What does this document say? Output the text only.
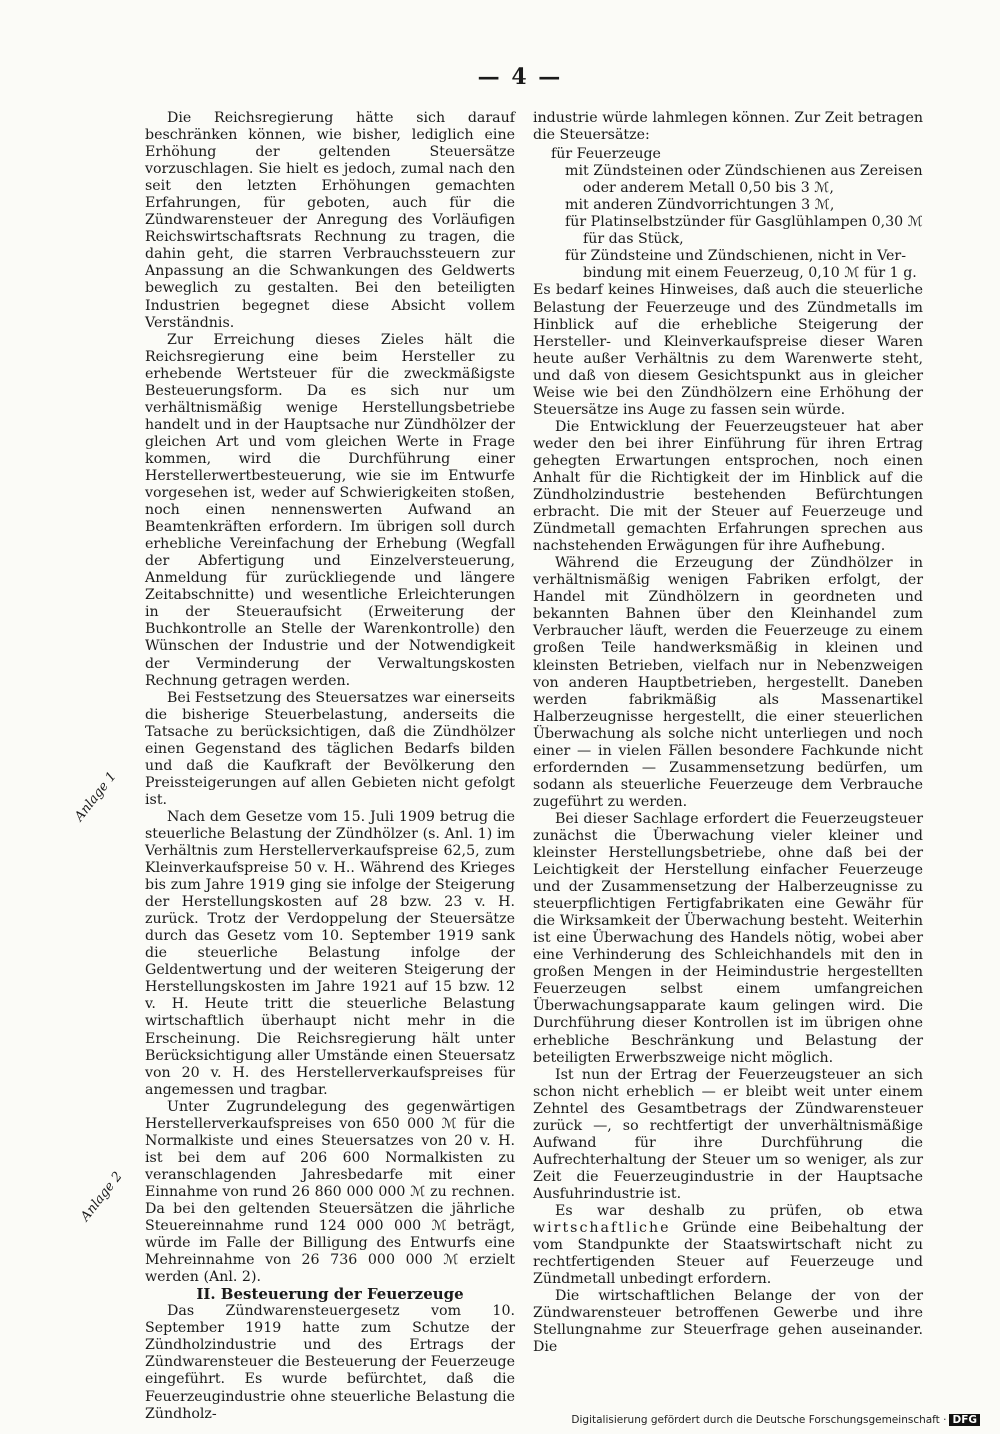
— 4 —
Anlage 1
Anlage 2

Die Reichsregierung hätte sich darauf beschränken können, wie bisher, lediglich eine Erhöhung der geltenden Steuersätze vorzuschlagen. Sie hielt es jedoch, zumal nach den seit den letzten Erhöhungen gemachten Erfahrungen, für geboten, auch für die Zündwarensteuer der Anregung des Vorläufigen Reichswirtschaftsrats Rechnung zu tragen, die dahin geht, die starren Verbrauchssteuern zur Anpassung an die Schwankungen des Geldwerts beweglich zu gestalten. Bei den beteiligten Industrien begegnet diese Absicht vollem Verständnis.

Zur Erreichung dieses Zieles hält die Reichsregierung eine beim Hersteller zu erhebende Wertsteuer für die zweckmäßigste Besteuerungsform. Da es sich nur um verhältnismäßig wenige Herstellungsbetriebe handelt und in der Hauptsache nur Zündhölzer der gleichen Art und vom gleichen Werte in Frage kommen, wird die Durchführung einer Herstellerwertbesteuerung, wie sie im Entwurfe vorgesehen ist, weder auf Schwierigkeiten stoßen, noch einen nennenswerten Aufwand an Beamtenkräften erfordern. Im übrigen soll durch erhebliche Vereinfachung der Erhebung (Wegfall der Abfertigung und Einzelversteuerung, Anmeldung für zurückliegende und längere Zeitabschnitte) und wesentliche Erleichterungen in der Steueraufsicht (Erweiterung der Buchkontrolle an Stelle der Warenkontrolle) den Wünschen der Industrie und der Notwendigkeit der Verminderung der Verwaltungskosten Rechnung getragen werden.

Bei Festsetzung des Steuersatzes war einerseits die bisherige Steuerbelastung, anderseits die Tatsache zu berücksichtigen, daß die Zündhölzer einen Gegenstand des täglichen Bedarfs bilden und daß die Kaufkraft der Bevölkerung den Preissteigerungen auf allen Gebieten nicht gefolgt ist.

Nach dem Gesetze vom 15. Juli 1909 betrug die steuerliche Belastung der Zündhölzer (s. Anl. 1) im Verhältnis zum Herstellerverkaufspreise 62,5, zum Kleinverkaufspreise 50 v. H.. Während des Krieges bis zum Jahre 1919 ging sie infolge der Steigerung der Herstellungskosten auf 28 bzw. 23 v. H. zurück. Trotz der Verdoppelung der Steuersätze durch das Gesetz vom 10. September 1919 sank die steuerliche Belastung infolge der Geldentwertung und der weiteren Steigerung der Herstellungskosten im Jahre 1921 auf 15 bzw. 12 v. H. Heute tritt die steuerliche Belastung wirtschaftlich überhaupt nicht mehr in die Erscheinung. Die Reichsregierung hält unter Berücksichtigung aller Umstände einen Steuersatz von 20 v. H. des Herstellerverkaufspreises für angemessen und tragbar.

Unter Zugrundelegung des gegenwärtigen Herstellerverkaufspreises von 650 000 ℳ für die Normalkiste und eines Steuersatzes von 20 v. H. ist bei dem auf 206 600 Normalkisten zu veranschlagenden Jahresbedarfe mit einer Einnahme von rund 26 860 000 000 ℳ zu rechnen. Da bei den geltenden Steuersätzen die jährliche Steuereinnahme rund 124 000 000 ℳ beträgt, würde im Falle der Billigung des Entwurfs eine Mehreinnahme von 26 736 000 000 ℳ erzielt werden (Anl. 2).

II. Besteuerung der Feuerzeuge

Das Zündwarensteuergesetz vom 10. September 1919 hatte zum Schutze der Zündholzindustrie und des Ertrags der Zündwarensteuer die Besteuerung der Feuerzeuge eingeführt. Es wurde befürchtet, daß die Feuerzeugindustrie ohne steuerliche Belastung die Zündholz-

industrie würde lahmlegen können. Zur Zeit betragen die Steuersätze:

für Feuerzeuge
mit Zündsteinen oder Zündschienen aus Zereisen
oder anderem Metall 0,50 bis 3 ℳ,
mit anderen Zündvorrichtungen 3 ℳ,
für Platinselbstzünder für Gasglühlampen 0,30 ℳ
für das Stück,
für Zündsteine und Zündschienen, nicht in Ver-
bindung mit einem Feuerzeug, 0,10 ℳ für 1 g.

Es bedarf keines Hinweises, daß auch die steuerliche Belastung der Feuerzeuge und des Zündmetalls im Hinblick auf die erhebliche Steigerung der Hersteller- und Kleinverkaufspreise dieser Waren heute außer Verhältnis zu dem Warenwerte steht, und daß von diesem Gesichtspunkt aus in gleicher Weise wie bei den Zündhölzern eine Erhöhung der Steuersätze ins Auge zu fassen sein würde.

Die Entwicklung der Feuerzeugsteuer hat aber weder den bei ihrer Einführung für ihren Ertrag gehegten Erwartungen entsprochen, noch einen Anhalt für die Richtigkeit der im Hinblick auf die Zündholzindustrie bestehenden Befürchtungen erbracht. Die mit der Steuer auf Feuerzeuge und Zündmetall gemachten Erfahrungen sprechen aus nachstehenden Erwägungen für ihre Aufhebung.

Während die Erzeugung der Zündhölzer in verhältnismäßig wenigen Fabriken erfolgt, der Handel mit Zündhölzern in geordneten und bekannten Bahnen über den Kleinhandel zum Verbraucher läuft, werden die Feuerzeuge zu einem großen Teile handwerksmäßig in kleinen und kleinsten Betrieben, vielfach nur in Nebenzweigen von anderen Hauptbetrieben, hergestellt. Daneben werden fabrikmäßig als Massenartikel Halberzeugnisse hergestellt, die einer steuerlichen Überwachung als solche nicht unterliegen und noch einer — in vielen Fällen besondere Fachkunde nicht erfordernden — Zusammensetzung bedürfen, um sodann als steuerliche Feuerzeuge dem Verbrauche zugeführt zu werden.

Bei dieser Sachlage erfordert die Feuerzeugsteuer zunächst die Überwachung vieler kleiner und kleinster Herstellungsbetriebe, ohne daß bei der Leichtigkeit der Herstellung einfacher Feuerzeuge und der Zusammensetzung der Halberzeugnisse zu steuerpflichtigen Fertigfabrikaten eine Gewähr für die Wirksamkeit der Überwachung besteht. Weiterhin ist eine Überwachung des Handels nötig, wobei aber eine Verhinderung des Schleichhandels mit den in großen Mengen in der Heimindustrie hergestellten Feuerzeugen selbst einem umfangreichen Überwachungsapparate kaum gelingen wird. Die Durchführung dieser Kontrollen ist im übrigen ohne erhebliche Beschränkung und Belastung der beteiligten Erwerbszweige nicht möglich.

Ist nun der Ertrag der Feuerzeugsteuer an sich schon nicht erheblich — er bleibt weit unter einem Zehntel des Gesamtbetrags der Zündwarensteuer zurück —, so rechtfertigt der unverhältnismäßige Aufwand für ihre Durchführung die Aufrechterhaltung der Steuer um so weniger, als zur Zeit die Feuerzeugindustrie in der Hauptsache Ausfuhrindustrie ist.

Es war deshalb zu prüfen, ob etwa wirtschaftliche Gründe eine Beibehaltung der vom Standpunkte der Staatswirtschaft nicht zu rechtfertigenden Steuer auf Feuerzeuge und Zündmetall unbedingt erfordern.

Die wirtschaftlichen Belange der von der Zündwarensteuer betroffenen Gewerbe und ihre Stellungnahme zur Steuerfrage gehen auseinander. Die

Digitalisierung gefördert durch die Deutsche Forschungsgemeinschaft · DFG
